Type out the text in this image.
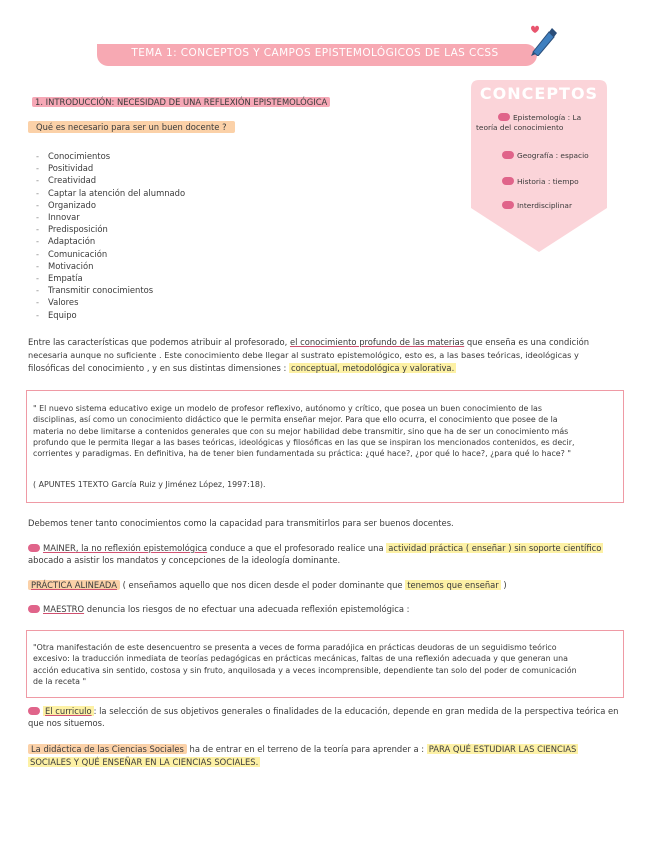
TEMA 1: CONCEPTOS Y CAMPOS EPISTEMOLÓGICOS DE LAS CCSS
CONCEPTOS
Epistemología : La teoría del conocimiento
Geografía : espacio
Historia : tiempo
Interdisciplinar
1. INTRODUCCIÓN: NECESIDAD DE UNA REFLEXIÓN EPISTEMOLÓGICA
Qué es necesario para ser un buen docente ?
- Conocimientos
- Positividad
- Creatividad
- Captar la atención del alumnado
- Organizado
- Innovar
- Predisposición
- Adaptación
- Comunicación
- Motivación
- Empatía
- Transmitir conocimientos
- Valores
- Equipo
Entre las características que podemos atribuir al profesorado, el conocimiento profundo de las materias que enseña es una condición
necesaria aunque no suficiente . Este conocimiento debe llegar al sustrato epistemológico, esto es, a las bases teóricas, ideológicas y
filosóficas del conocimiento , y en sus distintas dimensiones : conceptual, metodológica y valorativa.
" El nuevo sistema educativo exige un modelo de profesor reflexivo, autónomo y crítico, que posea un buen conocimiento de las
disciplinas, así como un conocimiento didáctico que le permita enseñar mejor. Para que ello ocurra, el conocimiento que posee de la
materia no debe limitarse a contenidos generales que con su mejor habilidad debe transmitir, sino que ha de ser un conocimiento más
profundo que le permita llegar a las bases teóricas, ideológicas y filosóficas en las que se inspiran los mencionados contenidos, es decir,
corrientes y paradigmas. En definitiva, ha de tener bien fundamentada su práctica: ¿qué hace?, ¿por qué lo hace?, ¿para qué lo hace? "
( APUNTES 1TEXTO García Ruiz y Jiménez López, 1997:18).
Debemos tener tanto conocimientos como la capacidad para transmitirlos para ser buenos docentes.
MAINER, la no reflexión epistemológica conduce a que el profesorado realice una actividad práctica ( enseñar ) sin soporte científico
abocado a asistir los mandatos y concepciones de la ideología dominante.
PRÁCTICA ALINEADA ( enseñamos aquello que nos dicen desde el poder dominante que tenemos que enseñar )
MAESTRO denuncia los riesgos de no efectuar una adecuada reflexión epistemológica :
"Otra manifestación de este desencuentro se presenta a veces de forma paradójica en prácticas deudoras de un seguidismo teórico
excesivo: la traducción inmediata de teorías pedagógicas en prácticas mecánicas, faltas de una reflexión adecuada y que generan una
acción educativa sin sentido, costosa y sin fruto, anquilosada y a veces incomprensible, dependiente tan solo del poder de comunicación
de la receta "
El curriculo : la selección de sus objetivos generales o finalidades de la educación, depende en gran medida de la perspectiva teórica en
que nos situemos.
La didáctica de las Ciencias Sociales ha de entrar en el terreno de la teoría para aprender a : PARA QUÉ ESTUDIAR LAS CIENCIAS
SOCIALES Y QUÉ ENSEÑAR EN LA CIENCIAS SOCIALES.
